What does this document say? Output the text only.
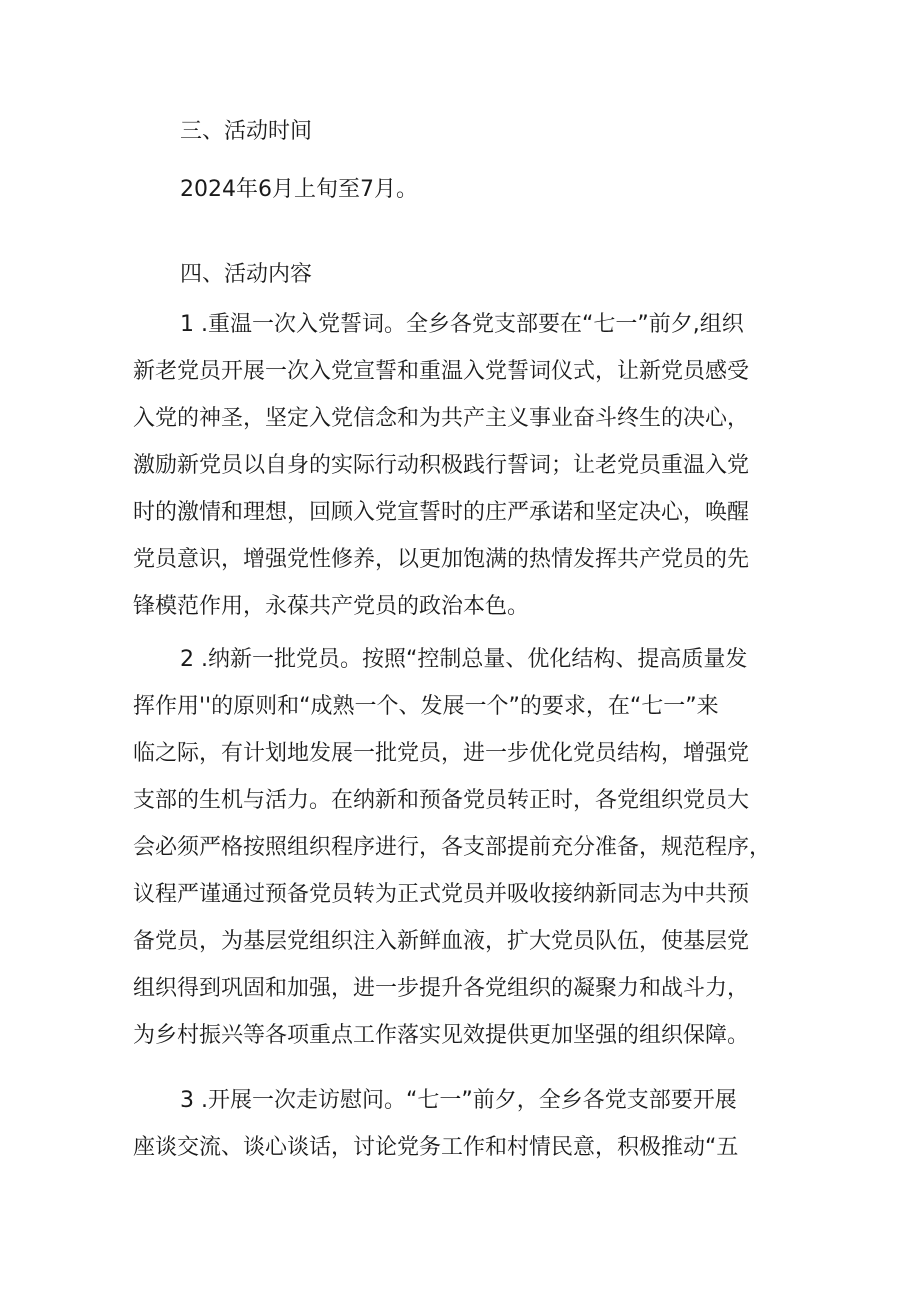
三、活动时间

2024年6月上旬至7月。

四、活动内容

1 .重温一次入党誓词。全乡各党支部要在“七一”前夕,组织

新老党员开展一次入党宣誓和重温入党誓词仪式，让新党员感受

入党的神圣，坚定入党信念和为共产主义事业奋斗终生的决心，

激励新党员以自身的实际行动积极践行誓词；让老党员重温入党

时的激情和理想，回顾入党宣誓时的庄严承诺和坚定决心，唤醒

党员意识，增强党性修养，以更加饱满的热情发挥共产党员的先

锋模范作用，永葆共产党员的政治本色。

2 .纳新一批党员。按照“控制总量、优化结构、提高质量发

挥作用''的原则和“成熟一个、发展一个”的要求，在“七一”来

临之际，有计划地发展一批党员，进一步优化党员结构，增强党

支部的生机与活力。在纳新和预备党员转正时，各党组织党员大

会必须严格按照组织程序进行，各支部提前充分准备，规范程序，

议程严谨通过预备党员转为正式党员并吸收接纳新同志为中共预

备党员，为基层党组织注入新鲜血液，扩大党员队伍，使基层党

组织得到巩固和加强，进一步提升各党组织的凝聚力和战斗力，

为乡村振兴等各项重点工作落实见效提供更加坚强的组织保障。

3 .开展一次走访慰问。“七一”前夕，全乡各党支部要开展

座谈交流、谈心谈话，讨论党务工作和村情民意，积极推动“五
